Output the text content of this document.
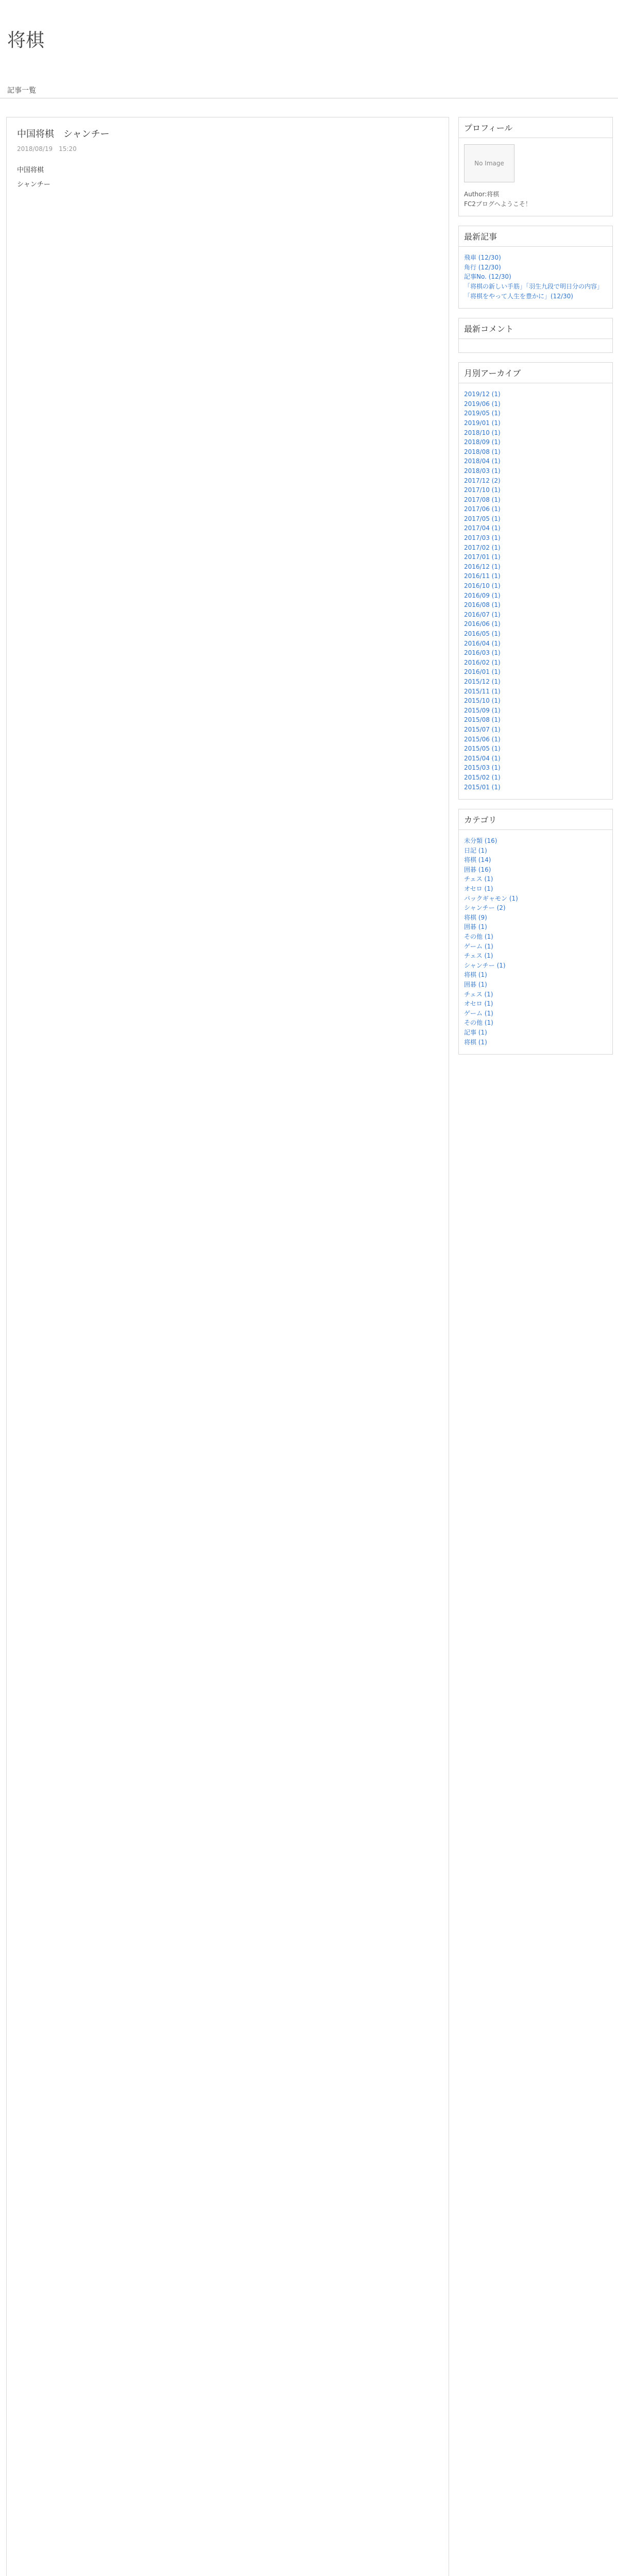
将棋
記事一覧
中国将棋　シャンチー
2018/08/19　15:20

中国将棋

シャンチー

プロフィール
No Image
Author:将棋
FC2ブログへようこそ！
最新記事
飛車 (12/30)
角行 (12/30)
記事No. (12/30)
「将棋の新しい手筋」「羽生九段で明日分の内容」
「将棋をやって人生を豊かに」(12/30)
最新コメント
月別アーカイブ
2019/12 (1)
2019/06 (1)
2019/05 (1)
2019/01 (1)
2018/10 (1)
2018/09 (1)
2018/08 (1)
2018/04 (1)
2018/03 (1)
2017/12 (2)
2017/10 (1)
2017/08 (1)
2017/06 (1)
2017/05 (1)
2017/04 (1)
2017/03 (1)
2017/02 (1)
2017/01 (1)
2016/12 (1)
2016/11 (1)
2016/10 (1)
2016/09 (1)
2016/08 (1)
2016/07 (1)
2016/06 (1)
2016/05 (1)
2016/04 (1)
2016/03 (1)
2016/02 (1)
2016/01 (1)
2015/12 (1)
2015/11 (1)
2015/10 (1)
2015/09 (1)
2015/08 (1)
2015/07 (1)
2015/06 (1)
2015/05 (1)
2015/04 (1)
2015/03 (1)
2015/02 (1)
2015/01 (1)
カテゴリ
未分類 (16)
日記 (1)
将棋 (14)
囲碁 (16)
チェス (1)
オセロ (1)
バックギャモン (1)
シャンチー (2)
将棋 (9)
囲碁 (1)
その他 (1)
ゲーム (1)
チェス (1)
シャンチー (1)
将棋 (1)
囲碁 (1)
チェス (1)
オセロ (1)
ゲーム (1)
その他 (1)
記事 (1)
将棋 (1)
